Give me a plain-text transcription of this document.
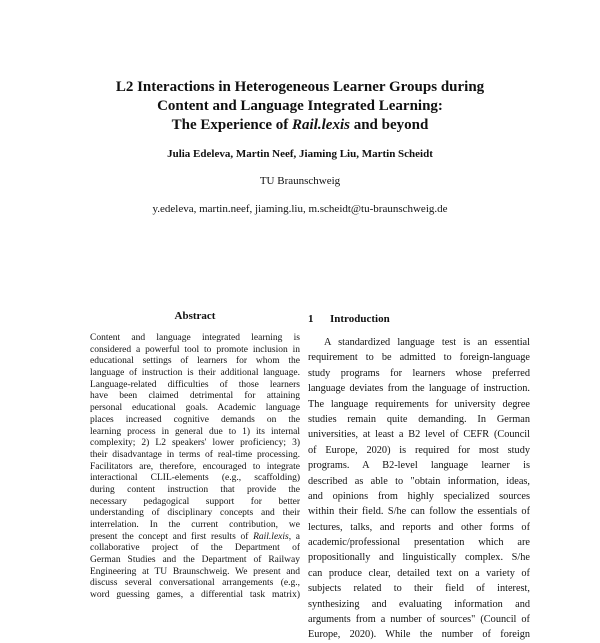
L2 Interactions in Heterogeneous Learner Groups during
Content and Language Integrated Learning:
The Experience of Rail.lexis and beyond
Julia Edeleva, Martin Neef, Jiaming Liu, Martin Scheidt
TU Braunschweig
y.edeleva, martin.neef, jiaming.liu, m.scheidt@tu-braunschweig.de
Abstract
Content and language integrated learning is
considered a powerful tool to promote inclusion in
educational settings of learners for whom the
language of instruction is their additional language.
Language-related difficulties of those learners
have been claimed detrimental for attaining
personal educational goals. Academic language
places increased cognitive demands on the
learning process in general due to 1) its internal
complexity; 2) L2 speakers' lower proficiency; 3)
their disadvantage in terms of real-time processing.
Facilitators are, therefore, encouraged to integrate
interactional CLIL-elements (e.g., scaffolding)
during content instruction that provide the
necessary pedagogical support for better
understanding of disciplinary concepts and their
interrelation. In the current contribution, we
present the concept and first results of Rail.lexis, a
collaborative project of the Department of
German Studies and the Department of Railway
Engineering at TU Braunschweig. We present and
discuss several conversational arrangements (e.g.,
word guessing games, a differential task matrix)
1 Introduction
A standardized language test is an essential
requirement to be admitted to foreign-language
study programs for learners whose preferred
language deviates from the language of instruction.
The language requirements for university degree
studies remain quite demanding. In German
universities, at least a B2 level of CEFR (Council
of Europe, 2020) is required for most study
programs. A B2-level language learner is
described as able to "obtain information, ideas,
and opinions from highly specialized sources
within their field. S/he can follow the essentials of
lectures, talks, and reports and other forms of
academic/professional presentation which are
propositionally and linguistically complex. S/he
can produce clear, detailed text on a variety of
subjects related to their field of interest,
synthesizing and evaluating information and
arguments from a number of sources" (Council of
Europe, 2020). While the number of foreign
